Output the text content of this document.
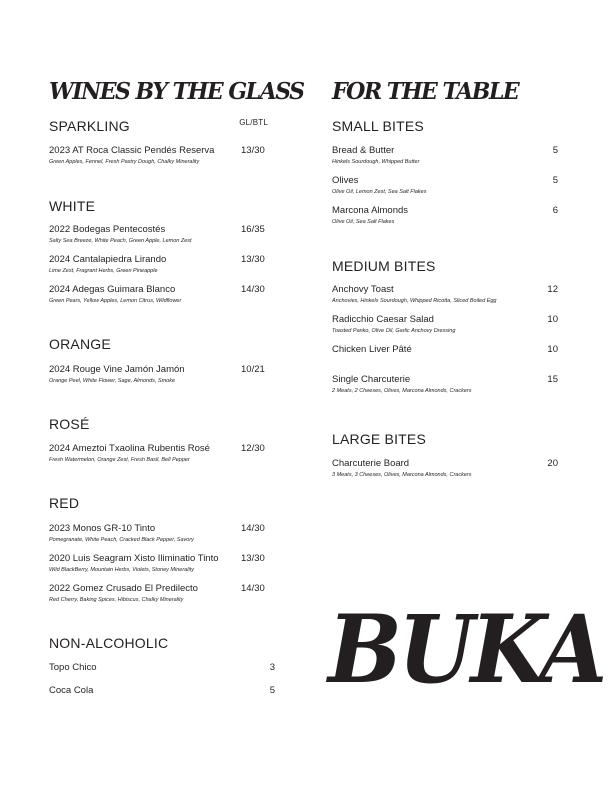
WINES BY THE GLASS
GL/BTL
SPARKLING
2023 AT Roca Classic Pendés Reserva
Green Apples, Fennel, Fresh Pastry Dough, Chalky Minerality
13/30
WHITE
2022 Bodegas Pentecostés
Salty Sea Breeze, White Peach, Green Apple, Lemon Zest
16/35
2024 Cantalapiedra Lirando
Lime Zest, Fragrant Herbs, Green Pineapple
13/30
2024 Adegas Guimara Blanco
Green Pears, Yellow Apples, Lemon Citrus, Wildflower
14/30
ORANGE
2024 Rouge Vine Jamón Jamón
Orange Peel, White Flower, Sage, Almonds, Smoke
10/21
ROSÉ
2024 Ameztoi Txaolina Rubentis Rosé
Fresh Watermelon, Orange Zest, Fresh Basil, Bell Pepper
12/30
RED
2023 Monos GR-10 Tinto
Pomegranate, White Peach, Cracked Black Pepper, Savory
14/30
2020 Luis Seagram Xisto Iliminatio Tinto
Wild BlackBerry, Mountain Herbs, Violets, Stoney Minerality
13/30
2022 Gomez Crusado El Predilecto
Red Cherry, Baking Spices, Hibiscus, Chalky Minerality
14/30
NON-ALCOHOLIC
Topo Chico	3
Coca Cola	5
FOR THE TABLE
SMALL BITES
Bread & Butter
Hinkels Sourdough, Whipped Butter
5
Olives
Olive Oil, Lemon Zest, Sea Salt Flakes
5
Marcona Almonds
Olive Oil, Sea Salt Flakes
6
MEDIUM BITES
Anchovy Toast
Anchovies, Hinkels Sourdough, Whipped Ricotta, Sliced Boiled Egg
12
Radicchio Caesar Salad
Toasted Panko, Olive Oil, Garlic Anchovy Dressing
10
Chicken Liver Pâté	10
Single Charcuterie
2 Meats, 2 Cheeses, Olives, Marcona Almonds, Crackers
15
LARGE BITES
Charcuterie Board
3 Meats, 3 Cheeses, Olives, Marcona Almonds, Crackers
20
BUKA
